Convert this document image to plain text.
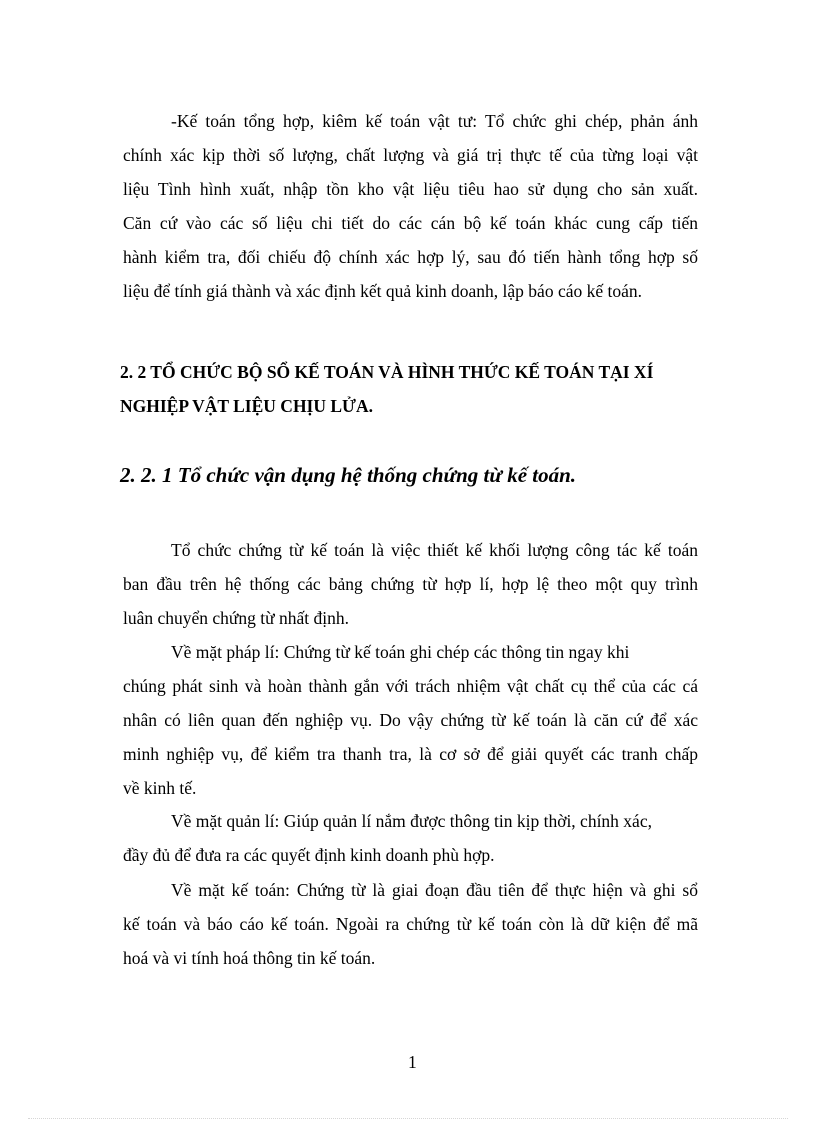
-Kế toán tổng hợp, kiêm kế toán vật tư: Tổ chức ghi chép, phản ánh
chính xác kịp thời số lượng, chất lượng và giá trị thực tế của từng loại vật
liệu Tình hình xuất, nhập tồn kho vật liệu tiêu hao sử dụng cho sản xuất.
Căn cứ vào các số liệu chi tiết do các cán bộ kế toán khác cung cấp tiến
hành kiểm tra, đối chiếu độ chính xác hợp lý, sau đó tiến hành tổng hợp số
liệu để tính giá thành và xác định kết quả kinh doanh, lập báo cáo kế toán.

2. 2 TỔ CHỨC BỘ SỔ KẾ TOÁN VÀ HÌNH THỨC KẾ TOÁN TẠI XÍ
NGHIỆP VẬT LIỆU CHỊU LỬA.
2. 2. 1 Tổ chức vận dụng hệ thống chứng từ kế toán.

Tổ chức chứng từ kế toán là việc thiết kế khối lượng công tác kế toán
ban đầu trên hệ thống các bảng chứng từ hợp lí, hợp lệ theo một quy trình
luân chuyển chứng từ nhất định.

Về mặt pháp lí: Chứng từ kế toán ghi chép các thông tin ngay khi
chúng phát sinh và hoàn thành gắn với trách nhiệm vật chất cụ thể của các cá
nhân có liên quan đến nghiệp vụ. Do vậy chứng từ kế toán là căn cứ để xác
minh nghiệp vụ, để kiểm tra thanh tra, là cơ sở để giải quyết các tranh chấp
về kinh tế.

Về mặt quản lí: Giúp quản lí nắm được thông tin kịp thời, chính xác,
đầy đủ để đưa ra các quyết định kinh doanh phù hợp.

Về mặt kế toán: Chứng từ là giai đoạn đầu tiên để thực hiện và ghi sổ
kế toán và báo cáo kế toán. Ngoài ra chứng từ kế toán còn là dữ kiện để mã
hoá và vi tính hoá thông tin kế toán.

1
